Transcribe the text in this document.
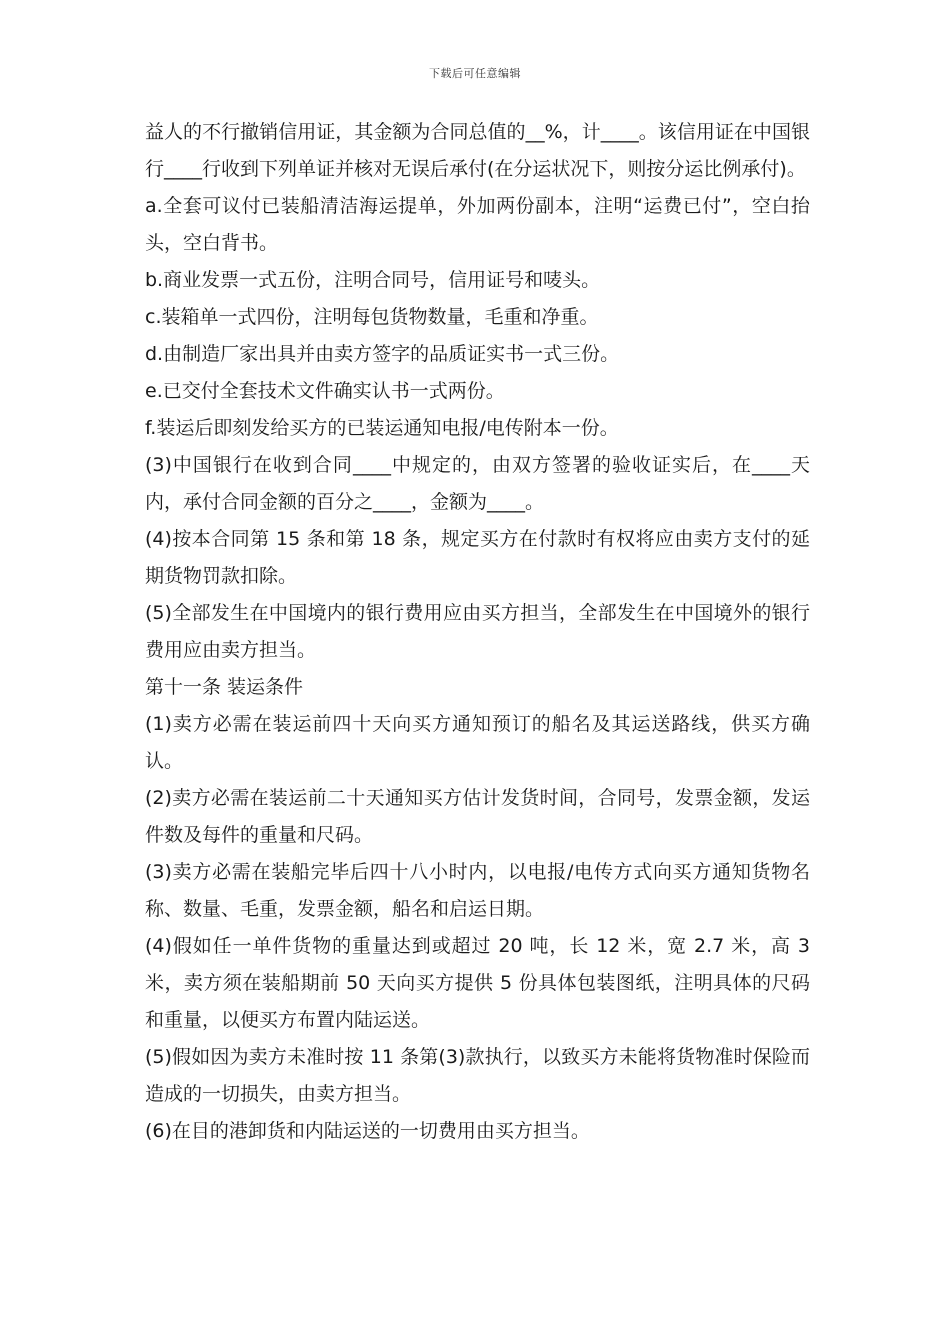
下载后可任意编辑

益人的不行撤销信用证，其金额为合同总值的__%，计____。该信用证在中国银行____行收到下列单证并核对无误后承付(在分运状况下，则按分运比例承付)。

a.全套可议付已装船清洁海运提单，外加两份副本，注明“运费已付”，空白抬头，空白背书。

b.商业发票一式五份，注明合同号，信用证号和唛头。

c.装箱单一式四份，注明每包货物数量，毛重和净重。

d.由制造厂家出具并由卖方签字的品质证实书一式三份。

e.已交付全套技术文件确实认书一式两份。

f.装运后即刻发给买方的已装运通知电报/电传附本一份。

(3)中国银行在收到合同____中规定的，由双方签署的验收证实后，在____天内，承付合同金额的百分之____，金额为____。

(4)按本合同第 15 条和第 18 条，规定买方在付款时有权将应由卖方支付的延期货物罚款扣除。

(5)全部发生在中国境内的银行费用应由买方担当，全部发生在中国境外的银行费用应由卖方担当。

第十一条 装运条件

(1)卖方必需在装运前四十天向买方通知预订的船名及其运送路线，供买方确认。

(2)卖方必需在装运前二十天通知买方估计发货时间，合同号，发票金额，发运件数及每件的重量和尺码。

(3)卖方必需在装船完毕后四十八小时内，以电报/电传方式向买方通知货物名称、数量、毛重，发票金额，船名和启运日期。

(4)假如任一单件货物的重量达到或超过 20 吨，长 12 米，宽 2.7 米，高 3 米，卖方须在装船期前 50 天向买方提供 5 份具体包装图纸，注明具体的尺码和重量，以便买方布置内陆运送。

(5)假如因为卖方未准时按 11 条第(3)款执行，以致买方未能将货物准时保险而造成的一切损失，由卖方担当。

(6)在目的港卸货和内陆运送的一切费用由买方担当。
